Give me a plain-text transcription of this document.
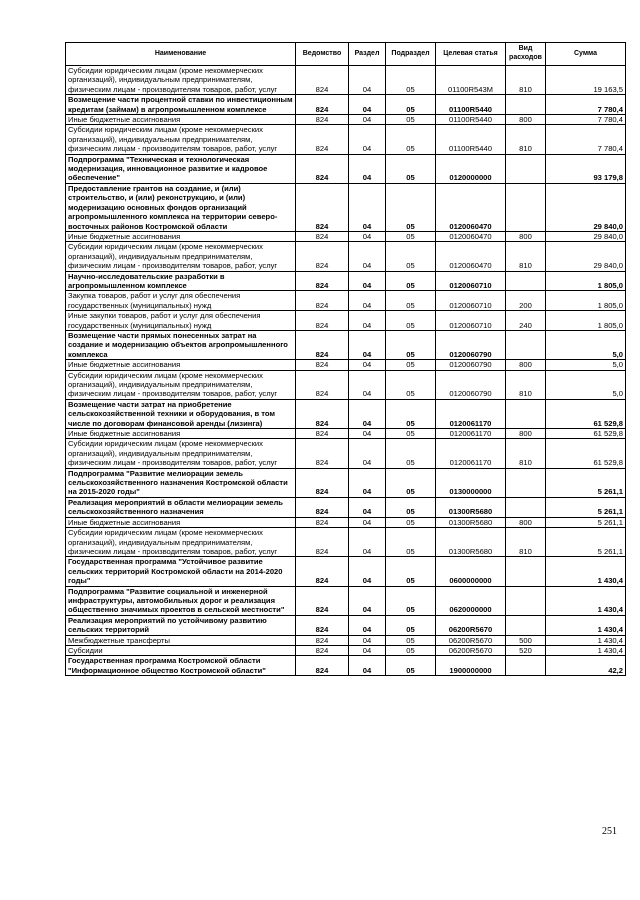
Наименование	Ведомство	Раздел	Подраздел	Целевая статья	Вид расходов	Сумма
Субсидии юридическим лицам (кроме некоммерческих организаций), индивидуальным предпринимателям, физическим лицам - производителям товаров, работ, услуг	824	04	05	01100R543M	810	19 163,5
Возмещение части процентной ставки по инвестиционным кредитам (займам) в агропромышленном комплексе	824	04	05	01100R5440		7 780,4
Иные бюджетные ассигнования	824	04	05	01100R5440	800	7 780,4
Субсидии юридическим лицам (кроме некоммерческих организаций), индивидуальным предпринимателям, физическим лицам - производителям товаров, работ, услуг	824	04	05	01100R5440	810	7 780,4
Подпрограмма "Техническая и технологическая модернизация, инновационное развитие и кадровое обеспечение"	824	04	05	0120000000		93 179,8
Предоставление грантов на создание, и (или) строительство, и (или) реконструкцию, и (или) модернизацию основных фондов организаций агропромышленного комплекса на территории северо-восточных районов Костромской области	824	04	05	0120060470		29 840,0
Иные бюджетные ассигнования	824	04	05	0120060470	800	29 840,0
Субсидии юридическим лицам (кроме некоммерческих организаций), индивидуальным предпринимателям, физическим лицам - производителям товаров, работ, услуг	824	04	05	0120060470	810	29 840,0
Научно-исследовательские разработки в агропромышленном комплексе	824	04	05	0120060710		1 805,0
Закупка товаров, работ и услуг для обеспечения государственных (муниципальных) нужд	824	04	05	0120060710	200	1 805,0
Иные закупки товаров, работ и услуг для обеспечения государственных (муниципальных) нужд	824	04	05	0120060710	240	1 805,0
Возмещение части прямых понесенных затрат на создание и модернизацию объектов агропромышленного комплекса	824	04	05	0120060790		5,0
Иные бюджетные ассигнования	824	04	05	0120060790	800	5,0
Субсидии юридическим лицам (кроме некоммерческих организаций), индивидуальным предпринимателям, физическим лицам - производителям товаров, работ, услуг	824	04	05	0120060790	810	5,0
Возмещение части затрат на приобретение сельскохозяйственной техники и оборудования, в том числе по договорам финансовой аренды (лизинга)	824	04	05	0120061170		61 529,8
Иные бюджетные ассигнования	824	04	05	0120061170	800	61 529,8
Субсидии юридическим лицам (кроме некоммерческих организаций), индивидуальным предпринимателям, физическим лицам - производителям товаров, работ, услуг	824	04	05	0120061170	810	61 529,8
Подпрограмма "Развитие мелиорации земель сельскохозяйственного назначения Костромской области на 2015-2020 годы"	824	04	05	0130000000		5 261,1
Реализация мероприятий в области мелиорации земель сельскохозяйственного назначения	824	04	05	01300R5680		5 261,1
Иные бюджетные ассигнования	824	04	05	01300R5680	800	5 261,1
Субсидии юридическим лицам (кроме некоммерческих организаций), индивидуальным предпринимателям, физическим лицам - производителям товаров, работ, услуг	824	04	05	01300R5680	810	5 261,1
Государственная программа "Устойчивое развитие сельских территорий Костромской области на 2014-2020 годы"	824	04	05	0600000000		1 430,4
Подпрограмма "Развитие социальной и инженерной инфраструктуры, автомобильных дорог и реализация общественно значимых проектов в сельской местности"	824	04	05	0620000000		1 430,4
Реализация мероприятий по устойчивому развитию сельских территорий	824	04	05	06200R5670		1 430,4
Межбюджетные трансферты	824	04	05	06200R5670	500	1 430,4
Субсидии	824	04	05	06200R5670	520	1 430,4
Государственная программа Костромской области "Информационное общество Костромской области"	824	04	05	1900000000		42,2
251
